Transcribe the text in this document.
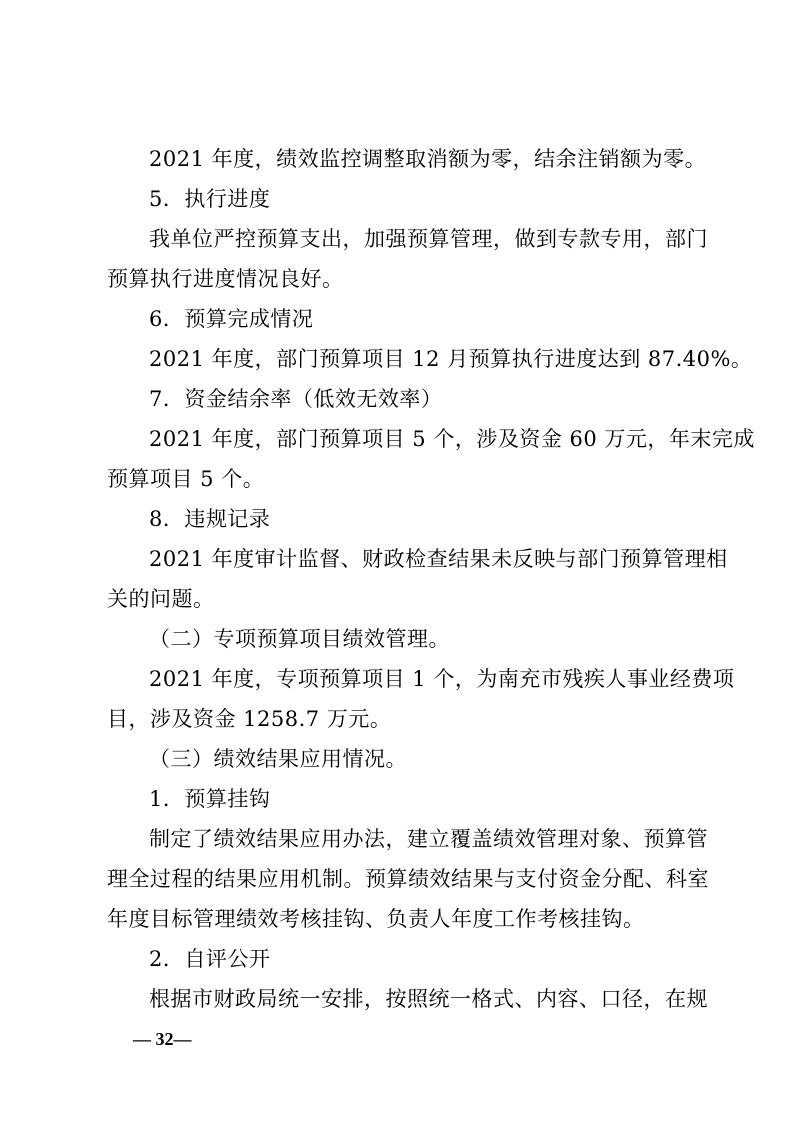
2021 年度，绩效监控调整取消额为零，结余注销额为零。
5．执行进度
我单位严控预算支出，加强预算管理，做到专款专用，部门
预算执行进度情况良好。
6．预算完成情况
2021 年度，部门预算项目 12 月预算执行进度达到 87.40%。
7．资金结余率（低效无效率）
2021 年度，部门预算项目 5 个，涉及资金 60 万元，年末完成
预算项目 5 个。
8．违规记录
2021 年度审计监督、财政检查结果未反映与部门预算管理相
关的问题。
（二）专项预算项目绩效管理。
2021 年度，专项预算项目 1 个，为南充市残疾人事业经费项
目，涉及资金 1258.7 万元。
（三）绩效结果应用情况。
1．预算挂钩
制定了绩效结果应用办法，建立覆盖绩效管理对象、预算管
理全过程的结果应用机制。预算绩效结果与支付资金分配、科室
年度目标管理绩效考核挂钩、负责人年度工作考核挂钩。
2．自评公开
根据市财政局统一安排，按照统一格式、内容、口径，在规
— 32—
